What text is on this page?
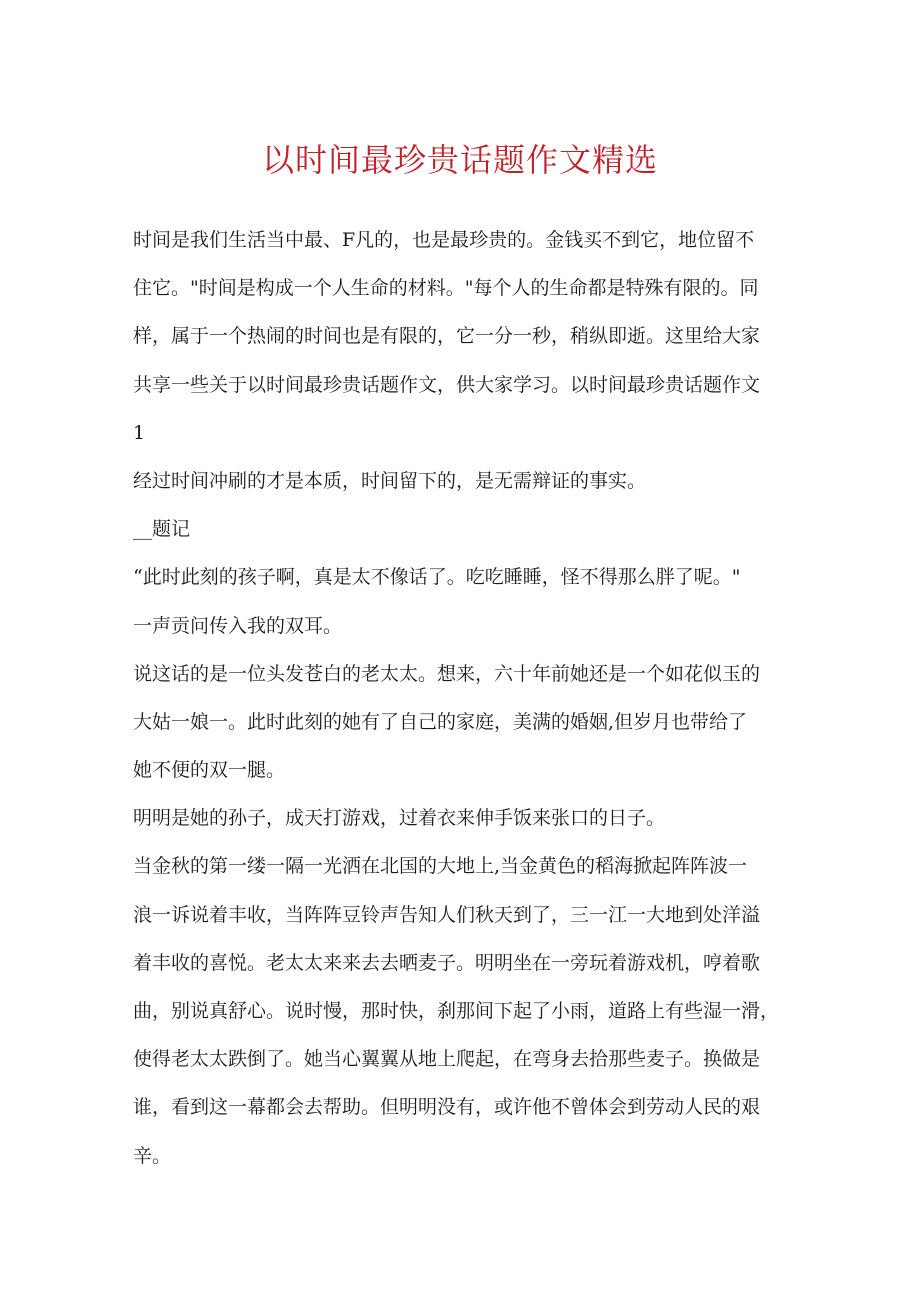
以时间最珍贵话题作文精选
时间是我们生活当中最、F凡的，也是最珍贵的。金钱买不到它，地位留不
住它。"时间是构成一个人生命的材料。"每个人的生命都是特殊有限的。同
样，属于一个热闹的时间也是有限的，它一分一秒，稍纵即逝。这里给大家
共享一些关于以时间最珍贵话题作文，供大家学习。以时间最珍贵话题作文
1
经过时间冲刷的才是本质，时间留下的，是无需辩证的事实。
__题记
“此时此刻的孩子啊，真是太不像话了。吃吃睡睡，怪不得那么胖了呢。"
一声贡问传入我的双耳。
说这话的是一位头发苍白的老太太。想来，六十年前她还是一个如花似玉的
大姑一娘一。此时此刻的她有了自己的家庭，美满的婚姻,但岁月也带给了
她不便的双一腿。
明明是她的孙子，成天打游戏，过着衣来伸手饭来张口的日子。
当金秋的第一缕一隔一光洒在北国的大地上,当金黄色的稻海掀起阵阵波一
浪一诉说着丰收，当阵阵豆铃声告知人们秋天到了，三一江一大地到处洋溢
着丰收的喜悦。老太太来来去去晒麦子。明明坐在一旁玩着游戏机，哼着歌
曲，别说真舒心。说时慢，那时快，刹那间下起了小雨，道路上有些湿一滑，
使得老太太跌倒了。她当心翼翼从地上爬起，在弯身去拾那些麦子。换做是
谁，看到这一幕都会去帮助。但明明没有，或许他不曾体会到劳动人民的艰
辛。
